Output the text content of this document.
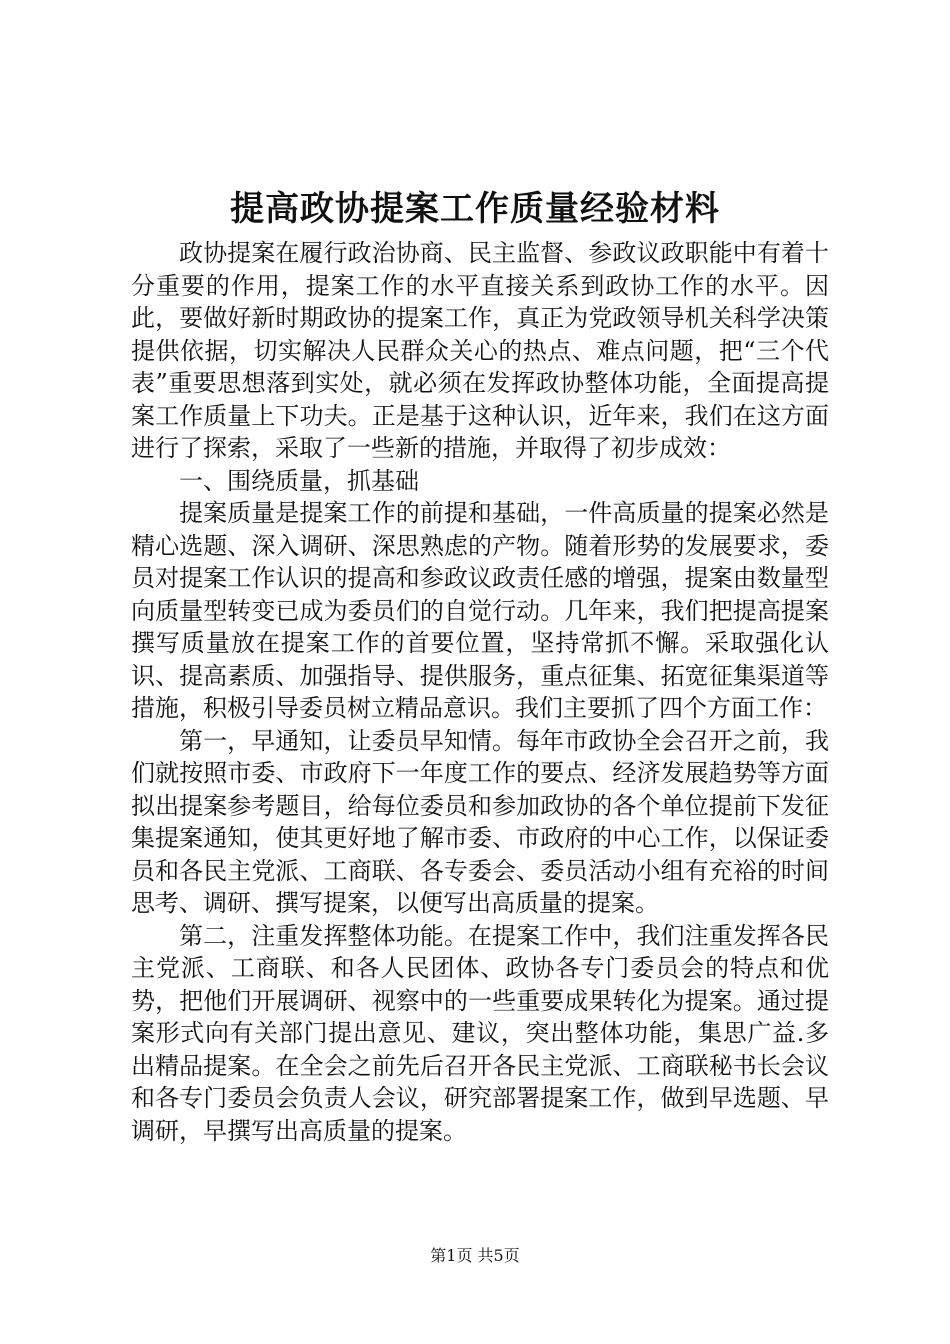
提高政协提案工作质量经验材料

政协提案在履行政治协商、民主监督、参政议政职能中有着十分重要的作用，提案工作的水平直接关系到政协工作的水平。因此，要做好新时期政协的提案工作，真正为党政领导机关科学决策提供依据，切实解决人民群众关心的热点、难点问题，把“三个代表”重要思想落到实处，就必须在发挥政协整体功能，全面提高提案工作质量上下功夫。正是基于这种认识，近年来，我们在这方面进行了探索，采取了一些新的措施，并取得了初步成效：

一、围绕质量，抓基础

提案质量是提案工作的前提和基础，一件高质量的提案必然是精心选题、深入调研、深思熟虑的产物。随着形势的发展要求，委员对提案工作认识的提高和参政议政责任感的增强，提案由数量型向质量型转变已成为委员们的自觉行动。几年来，我们把提高提案撰写质量放在提案工作的首要位置，坚持常抓不懈。采取强化认识、提高素质、加强指导、提供服务，重点征集、拓宽征集渠道等措施，积极引导委员树立精品意识。我们主要抓了四个方面工作：

第一，早通知，让委员早知情。每年市政协全会召开之前，我们就按照市委、市政府下一年度工作的要点、经济发展趋势等方面拟出提案参考题目，给每位委员和参加政协的各个单位提前下发征集提案通知，使其更好地了解市委、市政府的中心工作，以保证委员和各民主党派、工商联、各专委会、委员活动小组有充裕的时间思考、调研、撰写提案，以便写出高质量的提案。

第二，注重发挥整体功能。在提案工作中，我们注重发挥各民主党派、工商联、和各人民团体、政协各专门委员会的特点和优势，把他们开展调研、视察中的一些重要成果转化为提案。通过提案形式向有关部门提出意见、建议，突出整体功能，集思广益.多出精品提案。在全会之前先后召开各民主党派、工商联秘书长会议和各专门委员会负责人会议，研究部署提案工作，做到早选题、早调研，早撰写出高质量的提案。

第1页 共5页
